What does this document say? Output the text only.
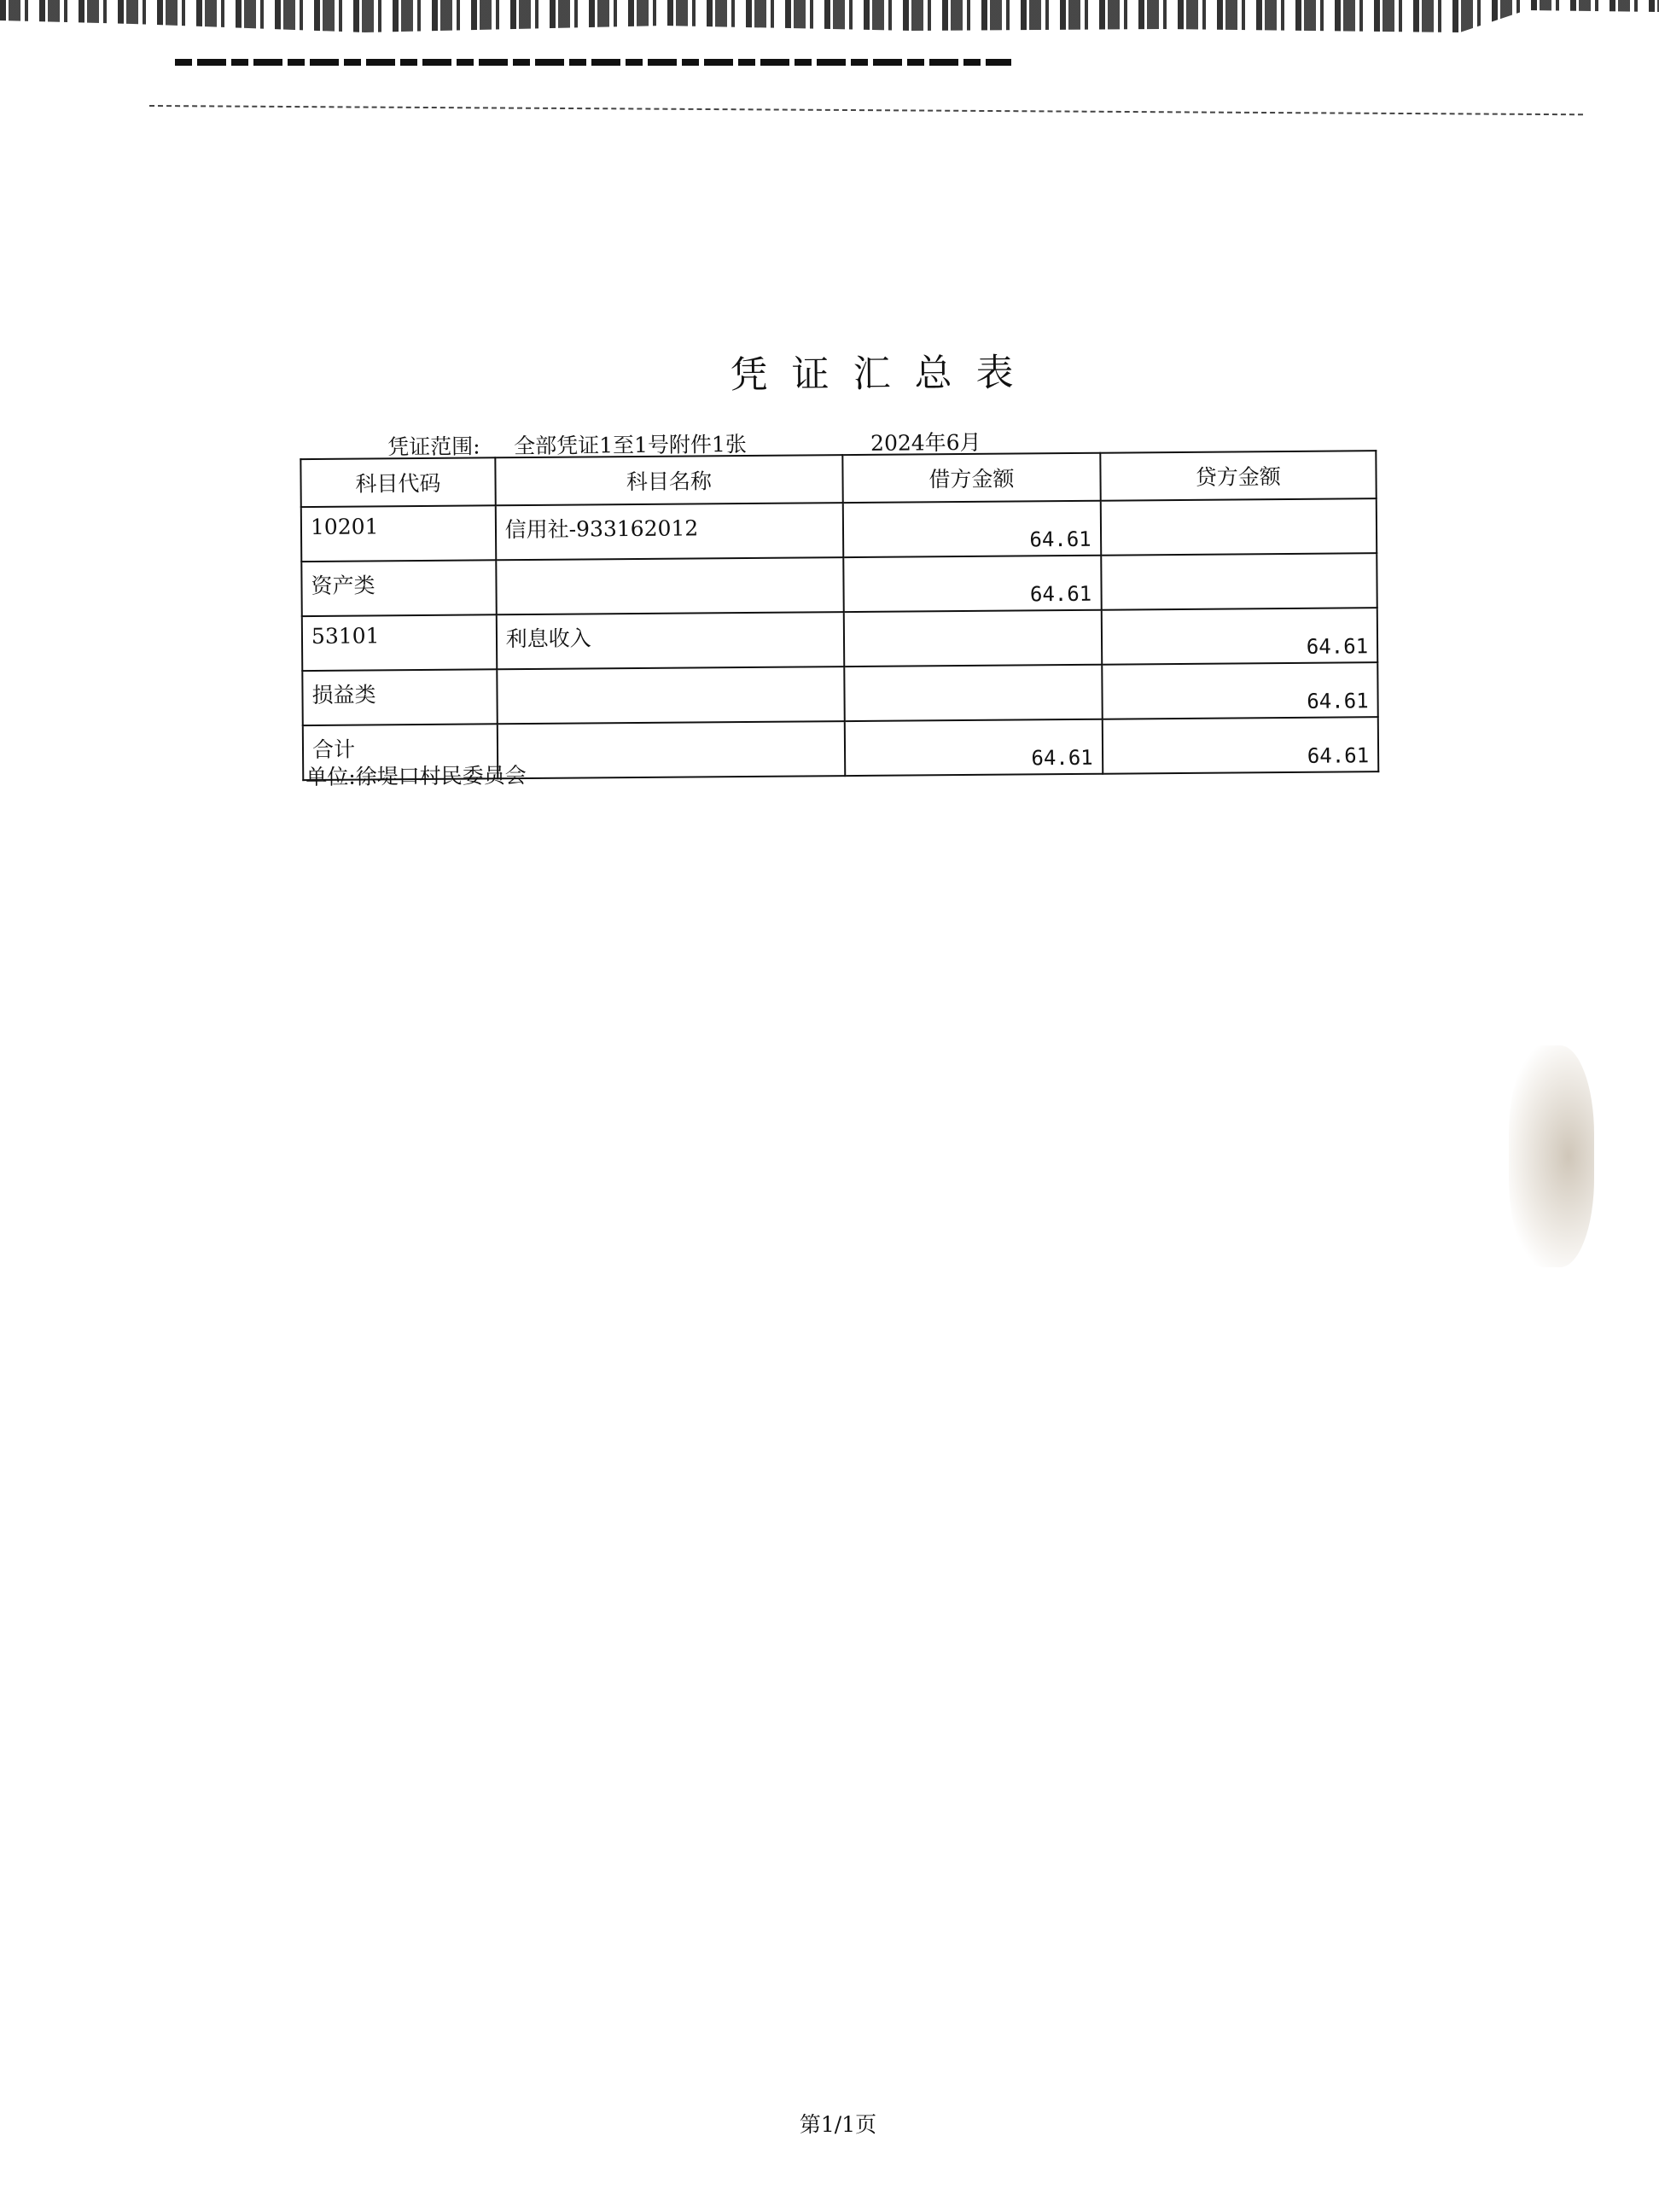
凭证汇总表
凭证范围: 全部凭证1至1号附件1张	2024年6月
科目代码	科目名称	借方金额	贷方金额
10201	信用社-933162012	64.61	
资产类		64.61	
53101	利息收入		64.61
损益类			64.61
合计		64.61	64.61
单位:徐堤口村民委员会
第1/1页
